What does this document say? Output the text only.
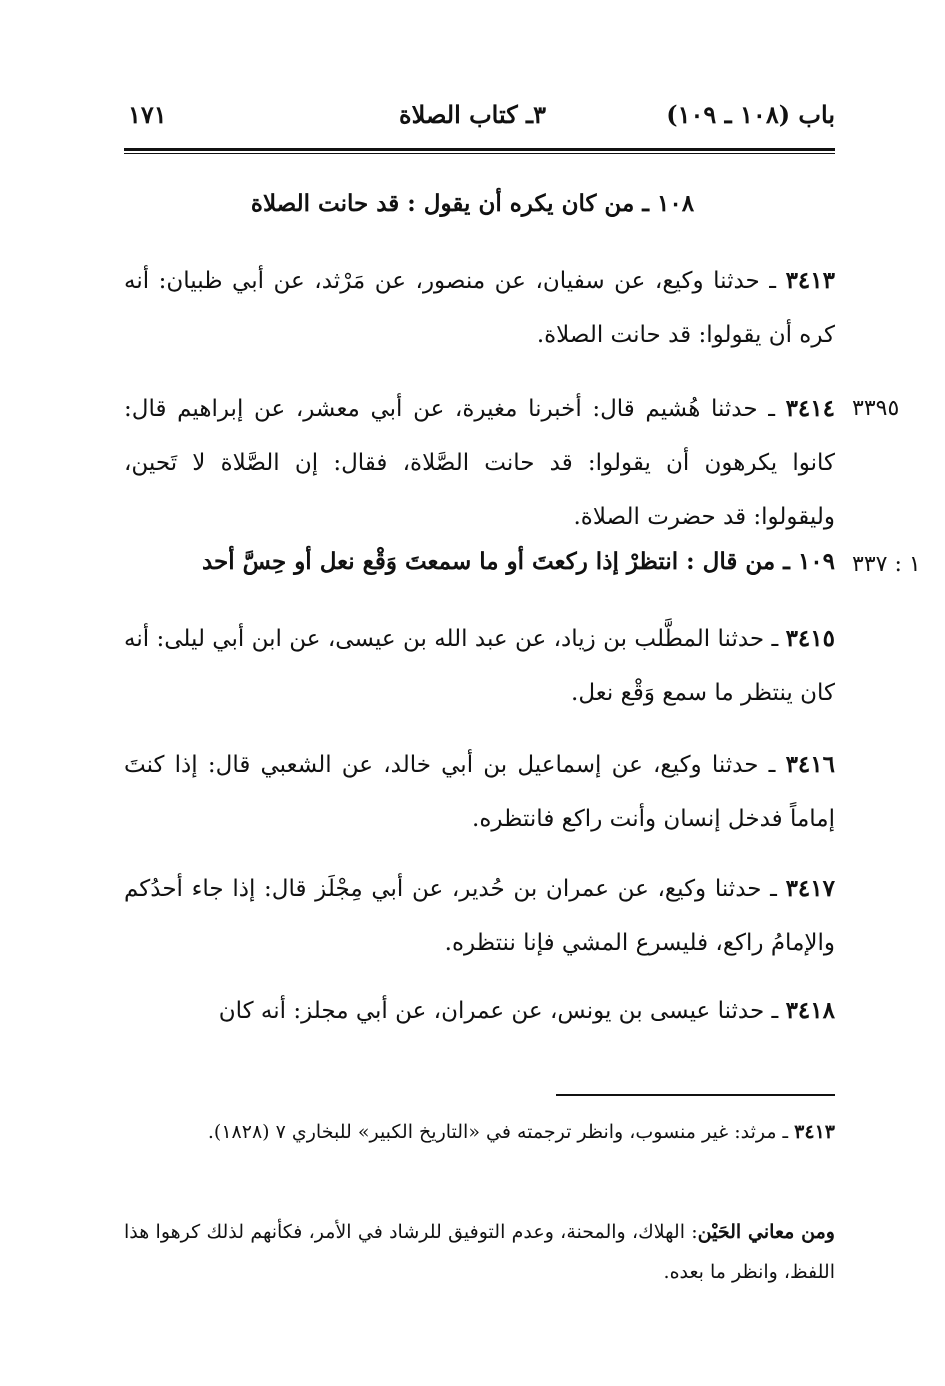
باب (١٠٨ ـ ١٠٩)
٣ـ كتاب الصلاة
١٧١
١٠٨ ـ من كان يكره أن يقول : قد حانت الصلاة
٣٤١٣ ـ حدثنا وكيع، عن سفيان، عن منصور، عن مَرْثد، عن أبي ظبيان: أنه كره أن يقولوا: قد حانت الصلاة.
٣٣٩٥
٣٤١٤ ـ حدثنا هُشيم قال: أخبرنا مغيرة، عن أبي معشر، عن إبراهيم قال: كانوا يكرهون أن يقولوا: قد حانت الصَّلاة، فقال: إن الصَّلاة لا تَحين، وليقولوا: قد حضرت الصلاة.
١ : ٣٣٧
١٠٩ ـ من قال : انتظرْ إذا ركعتَ أو ما سمعتَ وَقْع نعل أو حِسَّ أحد
٣٤١٥ ـ حدثنا المطَّلب بن زياد، عن عبد الله بن عيسى، عن ابن أبي ليلى: أنه كان ينتظر ما سمع وَقْع نعل.
٣٤١٦ ـ حدثنا وكيع، عن إسماعيل بن أبي خالد، عن الشعبي قال: إذا كنتَ إماماً فدخل إنسان وأنت راكع فانتظره.
٣٤١٧ ـ حدثنا وكيع، عن عمران بن حُدير، عن أبي مِجْلَز قال: إذا جاء أحدُكم والإمامُ راكع، فليسرع المشي فإنا ننتظره.
٣٤١٨ ـ حدثنا عيسى بن يونس، عن عمران، عن أبي مجلز: أنه كان
٣٤١٣ ـ مرثد: غير منسوب، وانظر ترجمته في «التاريخ الكبير» للبخاري ٧ (١٨٢٨).
ومن معاني الحَيْن: الهلاك، والمحنة، وعدم التوفيق للرشاد في الأمر، فكأنهم لذلك كرهوا هذا اللفظ، وانظر ما بعده.
